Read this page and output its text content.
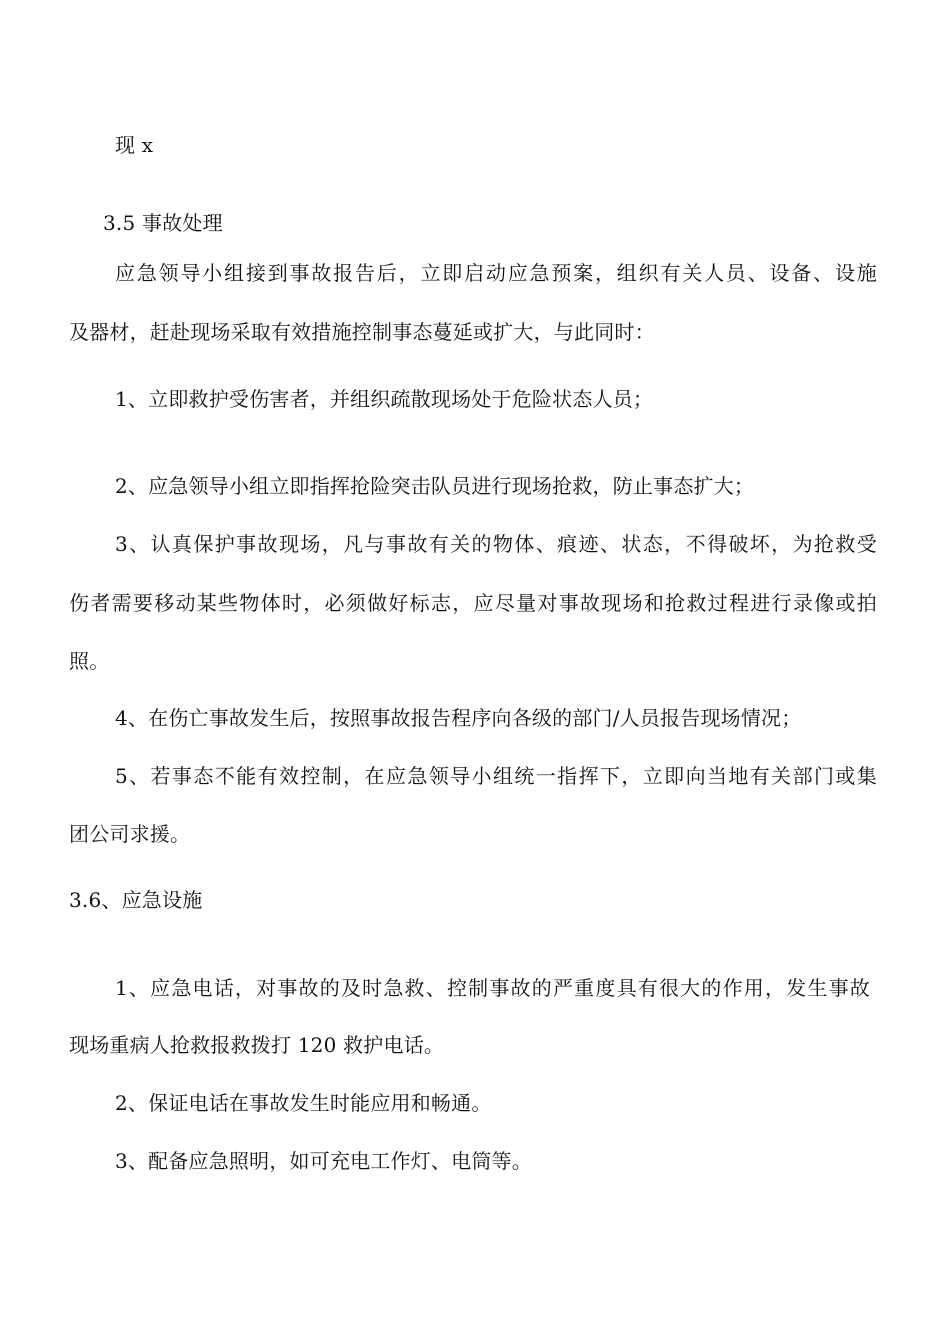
现 x
3.5 事故处理
应急领导小组接到事故报告后，立即启动应急预案，组织有关人员、设备、设施
及器材，赶赴现场采取有效措施控制事态蔓延或扩大，与此同时：
1、立即救护受伤害者，并组织疏散现场处于危险状态人员；
2、应急领导小组立即指挥抢险突击队员进行现场抢救，防止事态扩大；
3、认真保护事故现场，凡与事故有关的物体、痕迹、状态，不得破坏，为抢救受
伤者需要移动某些物体时，必须做好标志，应尽量对事故现场和抢救过程进行录像或拍
照。
4、在伤亡事故发生后，按照事故报告程序向各级的部门/人员报告现场情况；
5、若事态不能有效控制，在应急领导小组统一指挥下，立即向当地有关部门或集
团公司求援。
3.6、应急设施
1、应急电话，对事故的及时急救、控制事故的严重度具有很大的作用，发生事故
现场重病人抢救报救拨打 120 救护电话。
2、保证电话在事故发生时能应用和畅通。
3、配备应急照明，如可充电工作灯、电筒等。
